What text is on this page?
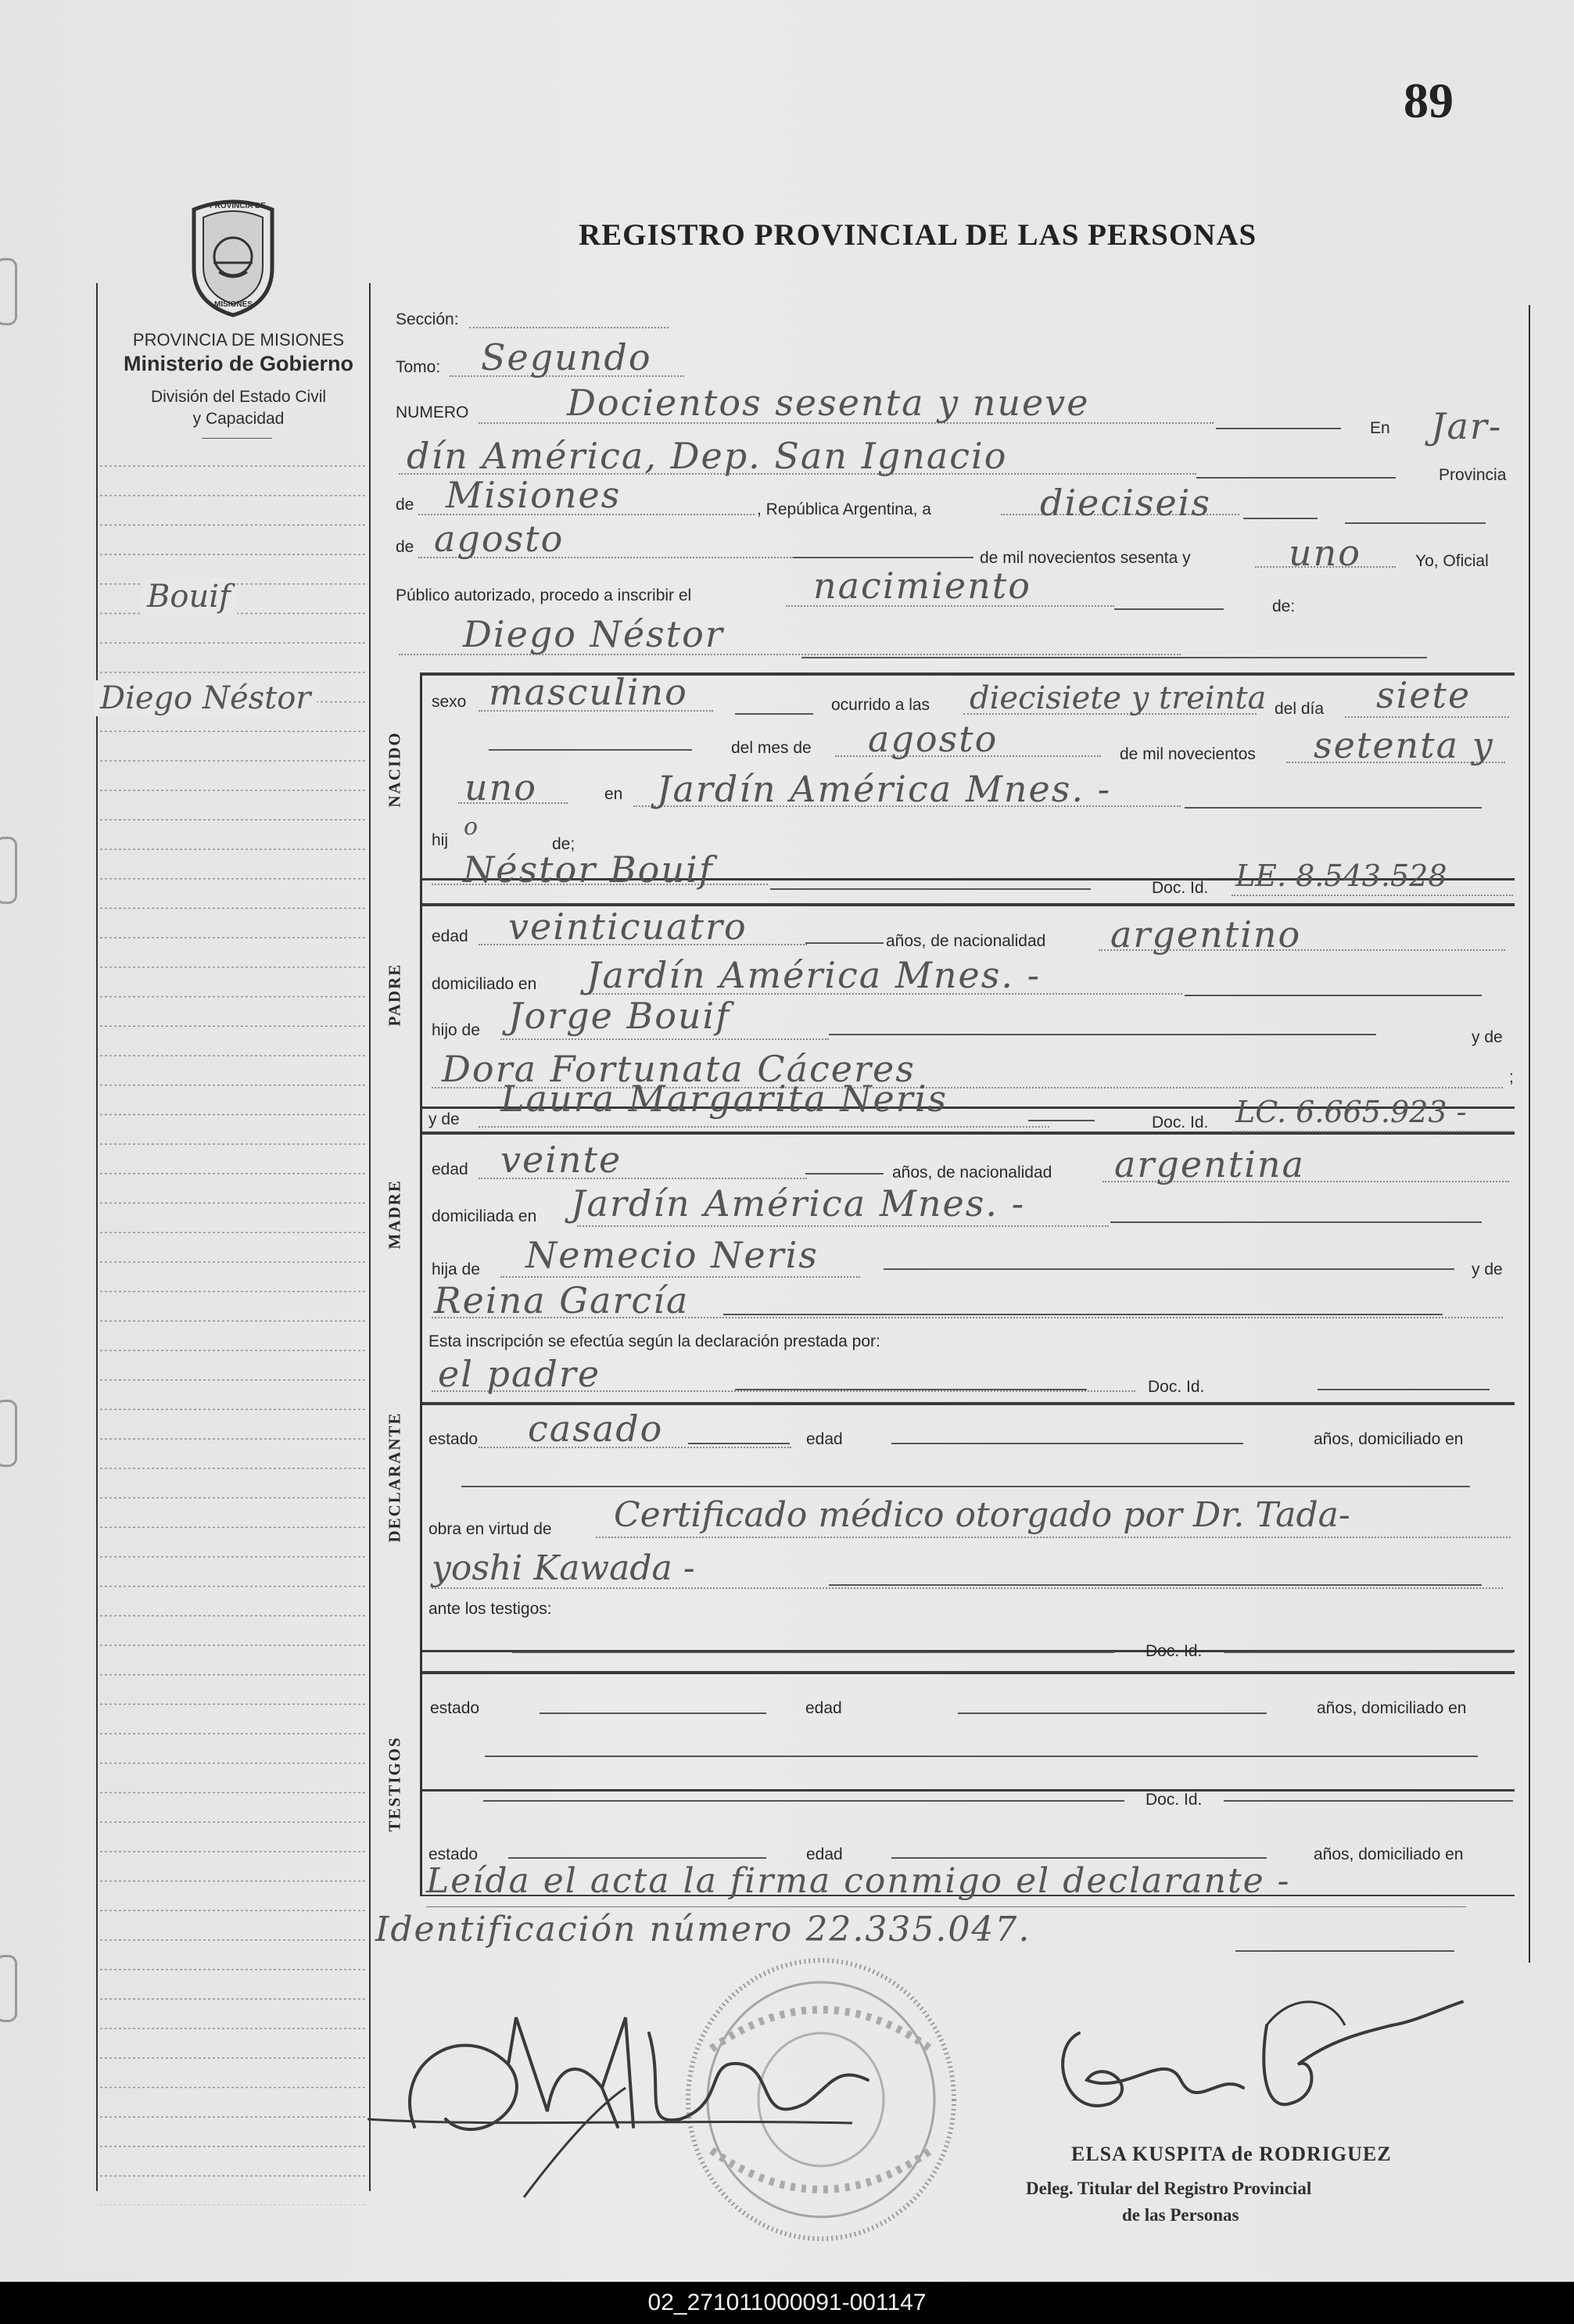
89
REGISTRO PROVINCIAL DE LAS PERSONAS
PROVINCIA DE
MISIONES
PROVINCIA DE MISIONES
Ministerio de Gobierno
División del Estado Civil
y Capacidad
Bouif
Diego Néstor
NACIDO
PADRE
MADRE
DECLARANTE
TESTIGOS
Sección:
Tomo: Segundo
NUMERO	Docientos sesenta y nueve
En Jar-
dín América, Dep. San Ignacio	Provincia
de Misiones	, República Argentina, a	dieciseis
de agosto	de mil novecientos sesenta y	uno	Yo, Oficial
Público autorizado, procedo a inscribir el	nacimiento	de:
Diego Néstor
sexo masculino	ocurrido a las diecisiete y treinta del día siete
del mes de agosto	de mil novecientos setenta y
uno	en Jardín América Mnes. -
hij o
de;
Néstor Bouif	Doc. Id. LE. 8.543.528
edad veinticuatro	años, de nacionalidad argentino
domiciliado en Jardín América Mnes. -
hijo de Jorge Bouif
y de
Dora Fortunata Cáceres	;
y de Laura Margarita Neris
Doc. Id. LC. 6.665.923 -
edad veinte	años, de nacionalidad argentina
domiciliada en Jardín América Mnes. -
hija de Nemecio Neris	y de
Reina García
Esta inscripción se efectúa según la declaración prestada por:
el padre	Doc. Id.
estado casado	edad	años, domiciliado en
obra en virtud de Certificado médico otorgado por Dr. Tada-
yoshi Kawada -
ante los testigos:
Doc. Id.
estado	edad	años, domiciliado en
Doc. Id.
estado	edad	años, domiciliado en
Leída el acta la firma conmigo el declarante -
Identificación número 22.335.047.
ELSA KUSPITA de RODRIGUEZ
Deleg. Titular del Registro Provincial
de las Personas
02_271011000091-001147
